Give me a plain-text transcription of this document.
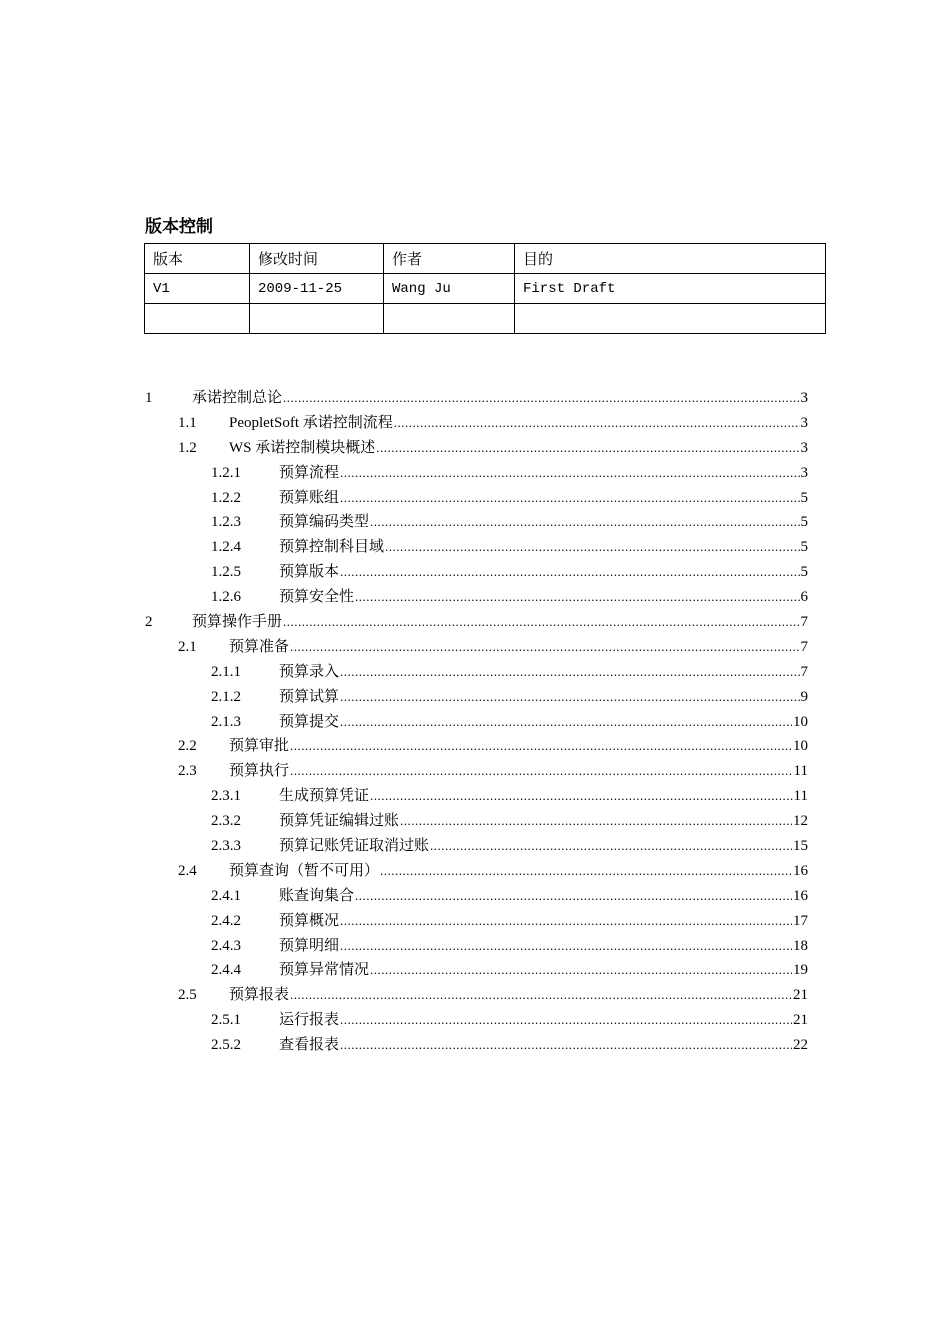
版本控制
版本	修改时间	作者	目的
V1	2009-11-25	Wang Ju	First Draft

1	承诺控制总论 .....	3
1.1 PeopletSoft 承诺控制流程 .....	3
1.2 WS 承诺控制模块概述 .....	3
1.2.1	预算流程 .....	3
1.2.2	预算账组 .....	5
1.2.3	预算编码类型 .....	5
1.2.4	预算控制科目域 .....	5
1.2.5	预算版本 .....	5
1.2.6	预算安全性 .....	6
2	预算操作手册 .....	7
2.1 预算准备 .....	7
2.1.1	预算录入 .....	7
2.1.2	预算试算 .....	9
2.1.3	预算提交 .....	10
2.2 预算审批 .....	10
2.3 预算执行 .....	11
2.3.1	生成预算凭证 .....	11
2.3.2	预算凭证编辑过账 .....	12
2.3.3	预算记账凭证取消过账 .....	15
2.4 预算查询（暂不可用） .....	16
2.4.1	账查询集合 .....	16
2.4.2	预算概况 .....	17
2.4.3	预算明细 .....	18
2.4.4	预算异常情况 .....	19
2.5 预算报表 .....	21
2.5.1	运行报表 .....	21
2.5.2	查看报表 .....	22
